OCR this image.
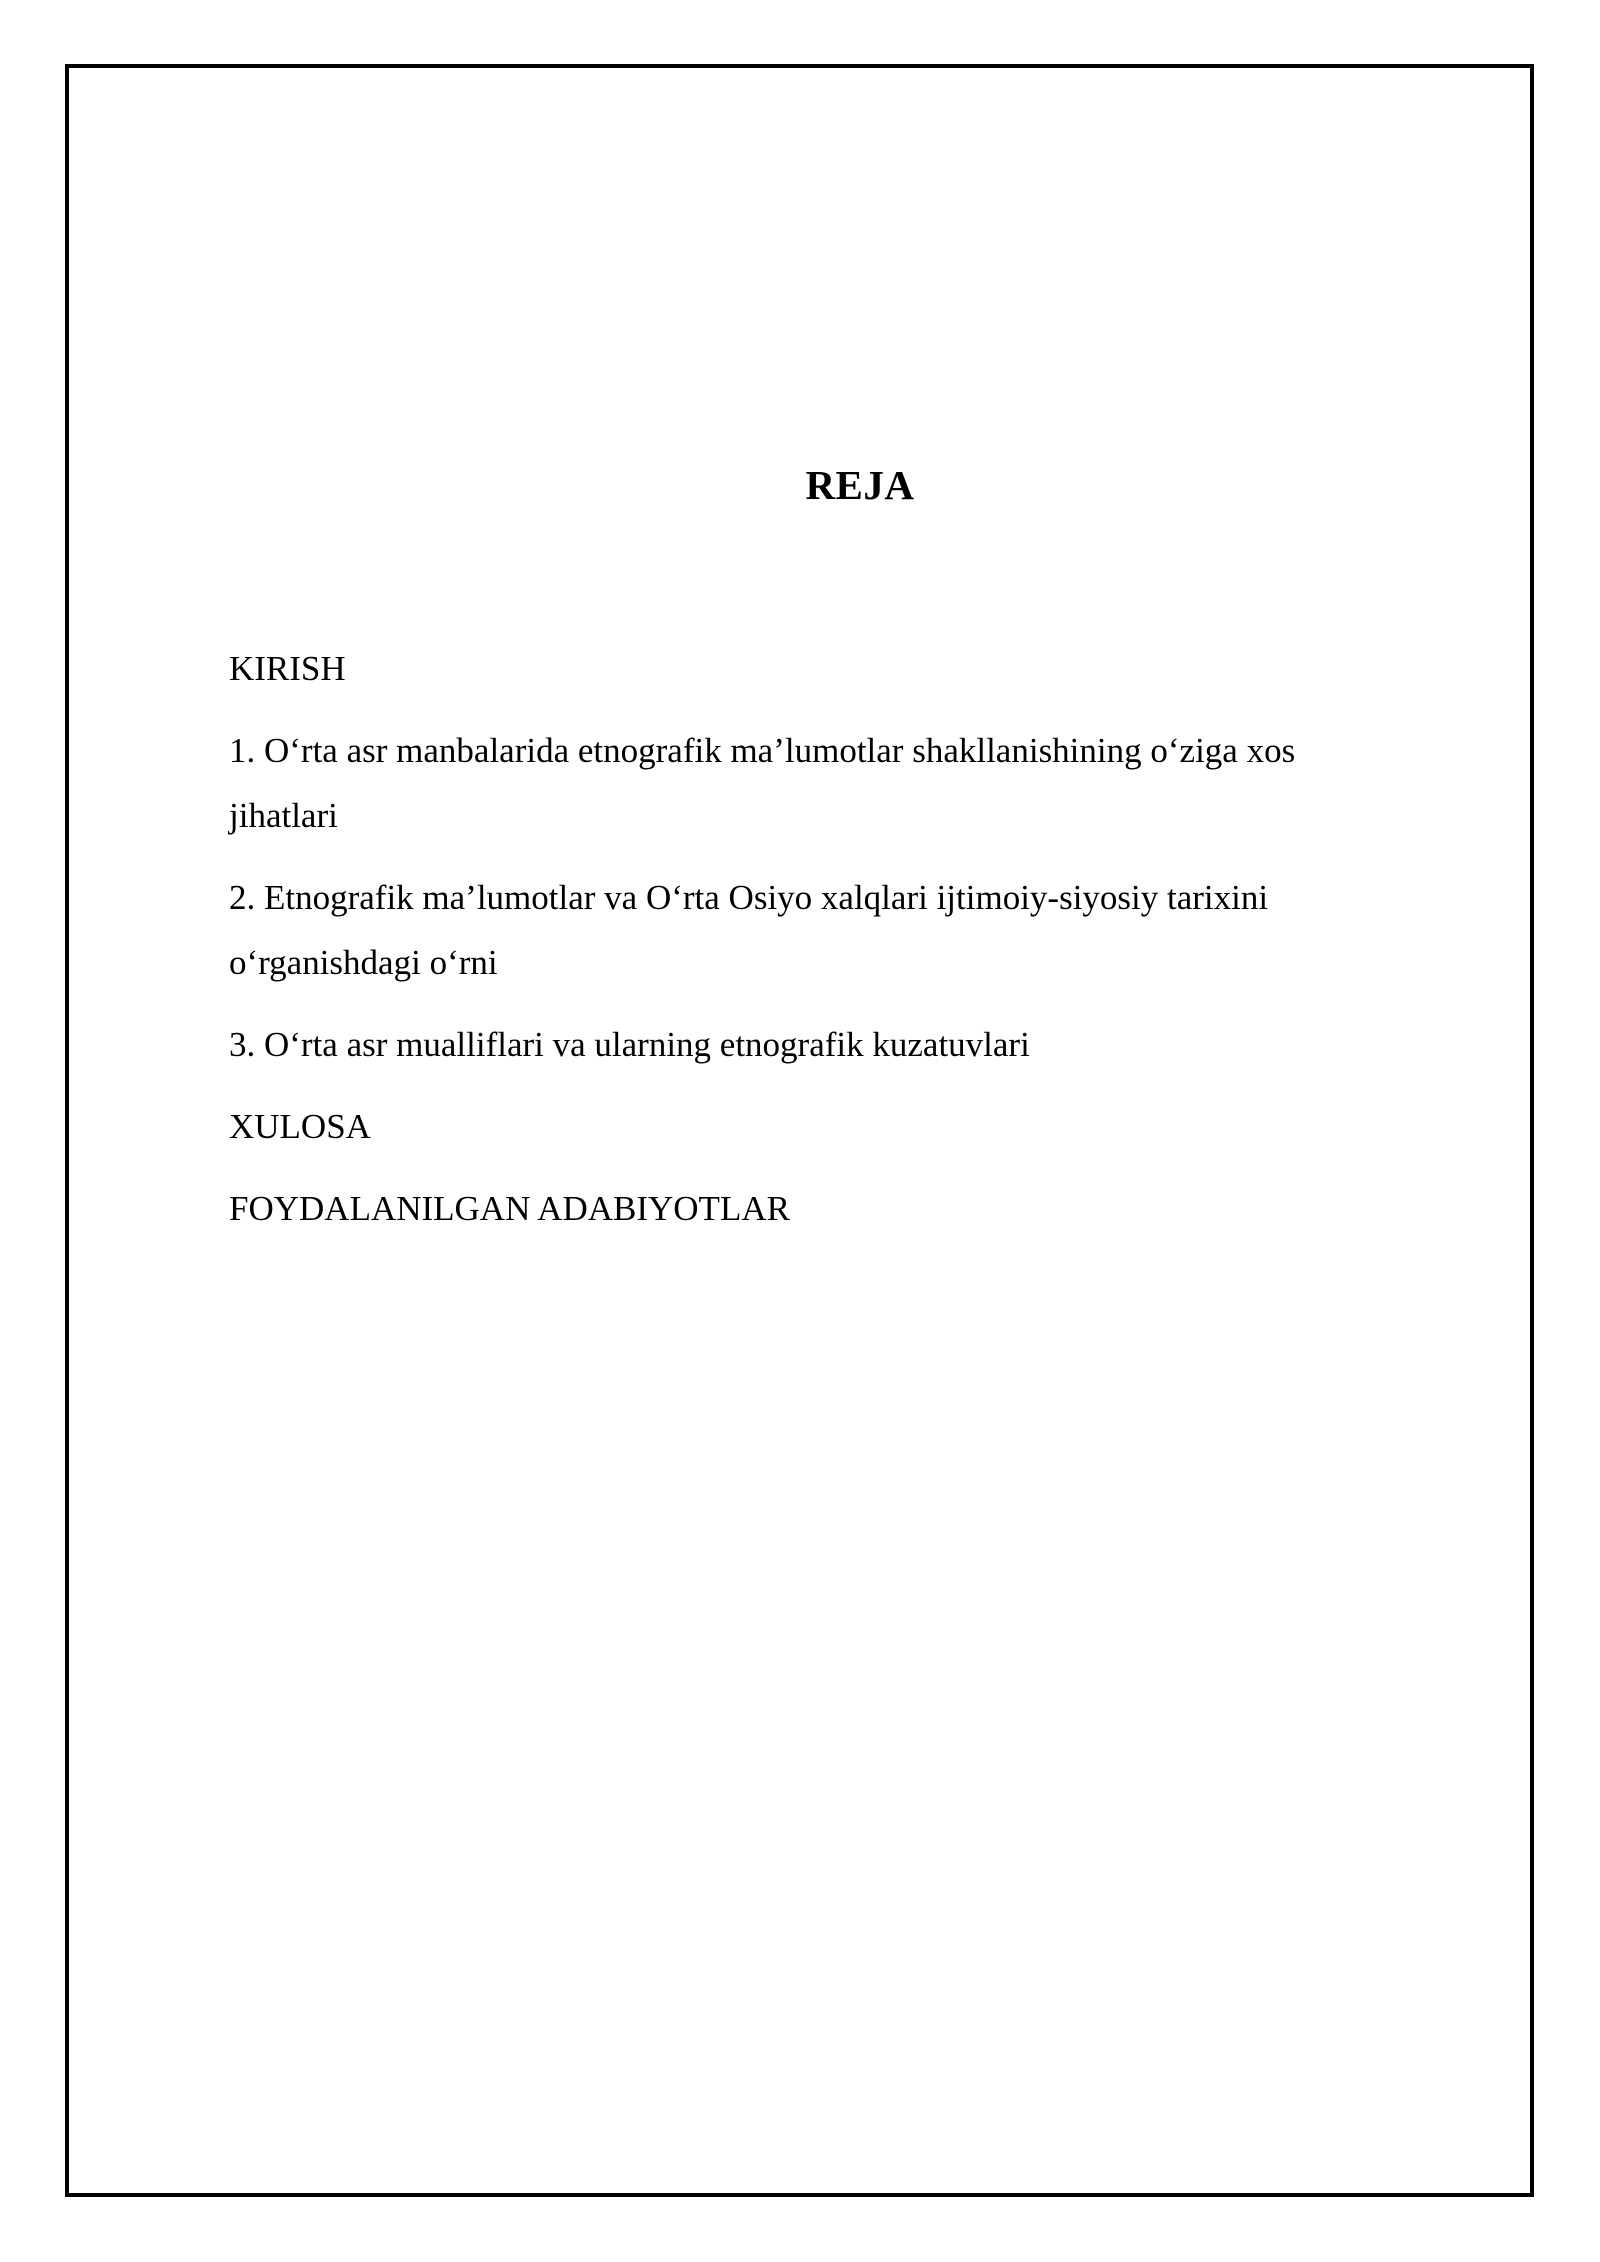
REJA
KIRISH
1. O‘rta asr manbalarida etnografik ma’lumotlar shakllanishining o‘ziga xos jihatlari
2. Etnografik ma’lumotlar va O‘rta Osiyo xalqlari ijtimoiy-siyosiy tarixini o‘rganishdagi o‘rni
3. O‘rta asr mualliflari va ularning etnografik kuzatuvlari
XULOSA
FOYDALANILGAN ADABIYOTLAR
